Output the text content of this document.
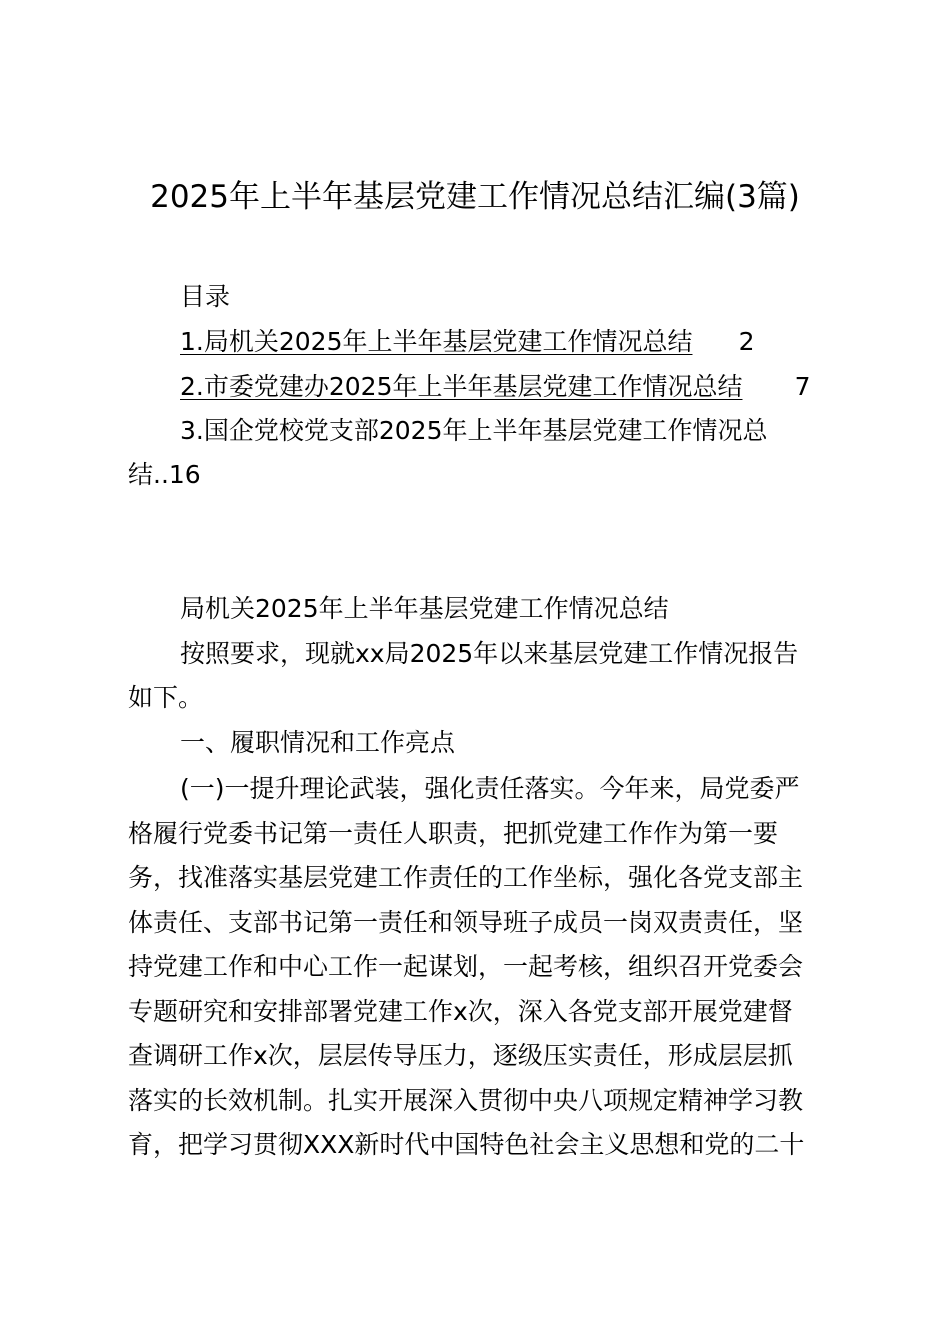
2025年上半年基层党建工作情况总结汇编(3篇)
目录
1.局机关2025年上半年基层党建工作情况总结 2
2.市委党建办2025年上半年基层党建工作情况总结 7
3.国企党校党支部2025年上半年基层党建工作情况总
结..16
局机关2025年上半年基层党建工作情况总结
按照要求，现就xx局2025年以来基层党建工作情况报告
如下。
一、履职情况和工作亮点
(一)一提升理论武装，强化责任落实。今年来，局党委严
格履行党委书记第一责任人职责，把抓党建工作作为第一要
务，找准落实基层党建工作责任的工作坐标，强化各党支部主
体责任、支部书记第一责任和领导班子成员一岗双责责任，坚
持党建工作和中心工作一起谋划，一起考核，组织召开党委会
专题研究和安排部署党建工作x次，深入各党支部开展党建督
查调研工作x次，层层传导压力，逐级压实责任，形成层层抓
落实的长效机制。扎实开展深入贯彻中央八项规定精神学习教
育，把学习贯彻XXX新时代中国特色社会主义思想和党的二十
